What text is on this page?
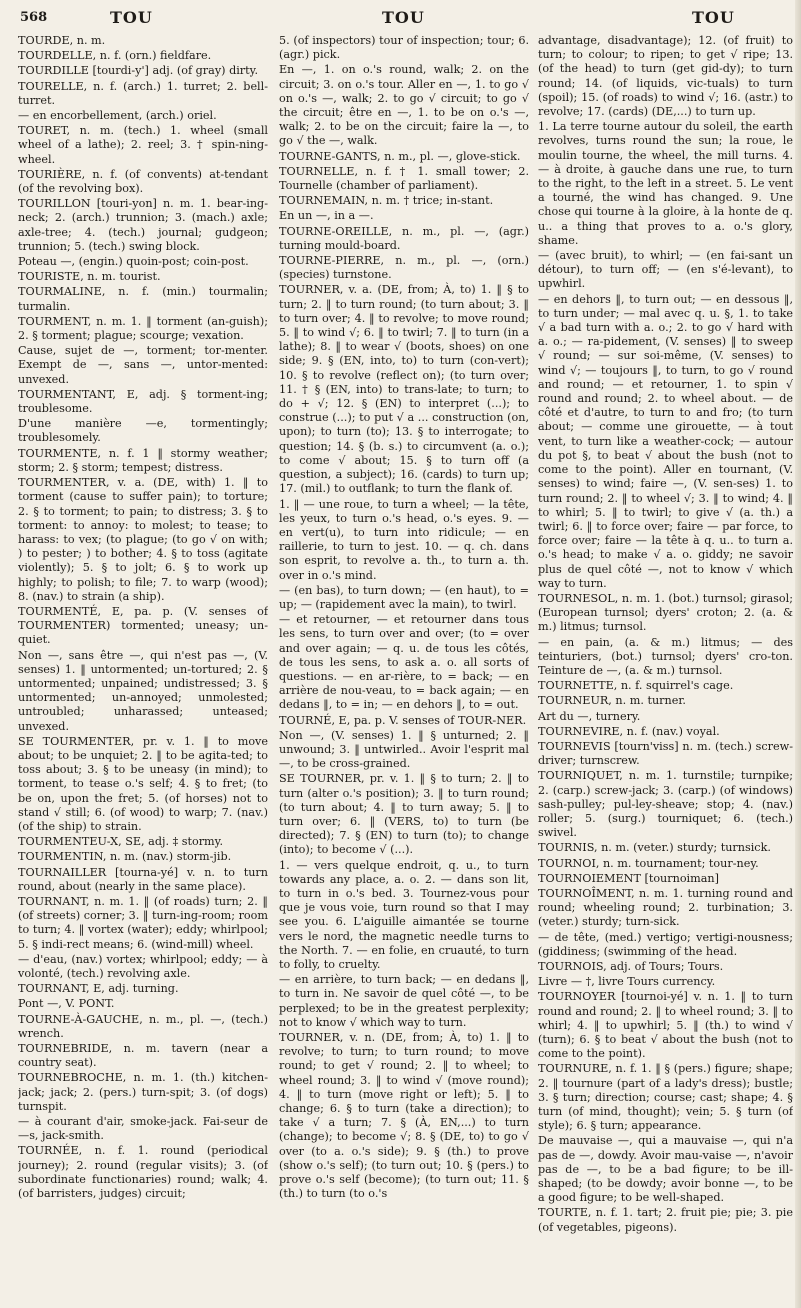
568	TOU	TOU	TOU

TOURDE, n. m.

TOURDELLE, n. f. (orn.) fieldfare.

TOURDILLE [tourdi-y'] adj. (of gray) dirty.

TOURELLE, n. f. (arch.) 1. turret; 2. bell-turret.

— en encorbellement, (arch.) oriel.

TOURET, n. m. (tech.) 1. wheel (small wheel of a lathe); 2. reel; 3. † spin-ning-wheel.

TOURIÈRE, n. f. (of convents) at-tendant (of the revolving box).

TOURILLON [touri-yon] n. m. 1. bear-ing-neck; 2. (arch.) trunnion; 3. (mach.) axle; axle-tree; 4. (tech.) journal; gudgeon; trunnion; 5. (tech.) swing block.

Poteau —, (engin.) quoin-post; coin-post.

TOURISTE, n. m. tourist.

TOURMALINE, n. f. (min.) tourmalin; turmalin.

TOURMENT, n. m. 1. ‖ torment (an-guish); 2. § torment; plague; scourge; vexation.

Cause, sujet de —, torment; tor-menter. Exempt de —, sans —, untor-mented: unvexed.

TOURMENTANT, E, adj. § torment-ing; troublesome.

D'une manière —e, tormentingly; troublesomely.

TOURMENTE, n. f. 1 ‖ stormy weather; storm; 2. § storm; tempest; distress.

TOURMENTER, v. a. (DE, with) 1. ‖ to torment (cause to suffer pain); to torture; 2. § to torment; to pain; to distress; 3. § to torment: to annoy: to molest; to tease; to harass: to vex; (to plague; (to go √ on with; ) to pester; ) to bother; 4. § to toss (agitate violently); 5. § to jolt; 6. § to work up highly; to polish; to file; 7. to warp (wood); 8. (nav.) to strain (a ship).

TOURMENTÉ, E, pa. p. (V. senses of TOURMENTER) tormented; uneasy; un-quiet.

Non —, sans être —, qui n'est pas —, (V. senses) 1. ‖ untormented; un-tortured; 2. § untormented; unpained; undistressed; 3. § untormented; un-annoyed; unmolested; untroubled; unharassed; unteased; unvexed.

SE TOURMENTER, pr. v. 1. ‖ to move about; to be unquiet; 2. ‖ to be agita-ted; to toss about; 3. § to be uneasy (in mind); to torment, to tease o.'s self; 4. § to fret; (to be on, upon the fret; 5. (of horses) not to stand √ still; 6. (of wood) to warp; 7. (nav.) (of the ship) to strain.

TOURMENTEU-X, SE, adj. ‡ stormy.

TOURMENTIN, n. m. (nav.) storm-jib.

TOURNAILLER [tourna-yé] v. n. to turn round, about (nearly in the same place).

TOURNANT, n. m. 1. ‖ (of roads) turn; 2. ‖ (of streets) corner; 3. ‖ turn-ing-room; room to turn; 4. ‖ vortex (water); eddy; whirlpool; 5. § indi-rect means; 6. (wind-mill) wheel.

— d'eau, (nav.) vortex; whirlpool; eddy; — à volonté, (tech.) revolving axle.

TOURNANT, E, adj. turning.

Pont —, V. PONT.

TOURNE-À-GAUCHE, n. m., pl. —, (tech.) wrench.

TOURNEBRIDE, n. m. tavern (near a country seat).

TOURNEBROCHE, n. m. 1. (th.) kitchen-jack; jack; 2. (pers.) turn-spit; 3. (of dogs) turnspit.

— à courant d'air, smoke-jack. Fai-seur de —s, jack-smith.

TOURNÉE, n. f. 1. round (periodical journey); 2. round (regular visits); 3. (of subordinate functionaries) round; walk; 4. (of barristers, judges) circuit;

5. (of inspectors) tour of inspection; tour; 6. (agr.) pick.

En —, 1. on o.'s round, walk; 2. on the circuit; 3. on o.'s tour. Aller en —, 1. to go √ on o.'s —, walk; 2. to go √ circuit; to go √ the circuit; être en —, 1. to be on o.'s —, walk; 2. to be on the circuit; faire la —, to go √ the —, walk.

TOURNE-GANTS, n. m., pl. —, glove-stick.

TOURNELLE, n. f. † 1. small tower; 2. Tournelle (chamber of parliament).

TOURNEMAIN, n. m. † trice; in-stant.

En un —, in a —.

TOURNE-OREILLE, n. m., pl. —, (agr.) turning mould-board.

TOURNE-PIERRE, n. m., pl. —, (orn.) (species) turnstone.

TOURNER, v. a. (DE, from; À, to) 1. ‖ § to turn; 2. ‖ to turn round; (to turn about; 3. ‖ to turn over; 4. ‖ to revolve; to move round; 5. ‖ to wind √; 6. ‖ to twirl; 7. ‖ to turn (in a lathe); 8. ‖ to wear √ (boots, shoes) on one side; 9. § (EN, into, to) to turn (con-vert); 10. § to revolve (reflect on); (to turn over; 11. † § (EN, into) to trans-late; to turn; to do + √; 12. § (EN) to interpret (...); to construe (...); to put √ a ... construction (on, upon); to turn (to); 13. § to interrogate; to question; 14. § (b. s.) to circumvent (a. o.); to come √ about; 15. § to turn off (a question, a subject); 16. (cards) to turn up; 17. (mil.) to outflank; to turn the flank of.

1. ‖ — une roue, to turn a wheel; — la tête, les yeux, to turn o.'s head, o.'s eyes. 9. — en vert(u), to turn into ridicule; — en raillerie, to turn to jest. 10. — q. ch. dans son esprit, to revolve a. th., to turn a. th. over in o.'s mind.

— (en bas), to turn down; — (en haut), to = up; — (rapidement avec la main), to twirl.

— et retourner, — et retourner dans tous les sens, to turn over and over; (to = over and over again; — q. u. de tous les côtés, de tous les sens, to ask a. o. all sorts of questions. — en ar-rière, to = back; — en arrière de nou-veau, to = back again; — en dedans ‖, to = in; — en dehors ‖, to = out.

TOURNÉ, E, pa. p. V. senses of TOUR-NER.

Non —, (V. senses) 1. ‖ § unturned; 2. ‖ unwound; 3. ‖ untwirled.. Avoir l'esprit mal —, to be cross-grained.

SE TOURNER, pr. v. 1. ‖ § to turn; 2. ‖ to turn (alter o.'s position); 3. ‖ to turn round; (to turn about; 4. ‖ to turn away; 5. ‖ to turn over; 6. ‖ (VERS, to) to turn (be directed); 7. § (EN) to turn (to); to change (into); to become √ (...).

1. — vers quelque endroit, q. u., to turn towards any place, a. o. 2. — dans son lit, to turn in o.'s bed. 3. Tournez-vous pour que je vous voie, turn round so that I may see you. 6. L'aiguille aimantée se tourne vers le nord, the magnetic needle turns to the North. 7. — en folie, en cruauté, to turn to folly, to cruelty.

— en arrière, to turn back; — en dedans ‖, to turn in. Ne savoir de quel côté —, to be perplexed; to be in the greatest perplexity; not to know √ which way to turn.

TOURNER, v. n. (DE, from; À, to) 1. ‖ to revolve; to turn; to turn round; to move round; to get √ round; 2. ‖ to wheel; to wheel round; 3. ‖ to wind √ (move round); 4. ‖ to turn (move right or left); 5. ‖ to change; 6. § to turn (take a direction); to take √ a turn; 7. § (À, EN,...) to turn (change); to become √; 8. § (DE, to) to go √ over (to a. o.'s side); 9. § (th.) to prove (show o.'s self); (to turn out; 10. § (pers.) to prove o.'s self (become); (to turn out; 11. § (th.) to turn (to o.'s

advantage, disadvantage); 12. (of fruit) to turn; to colour; to ripen; to get √ ripe; 13. (of the head) to turn (get gid-dy); to turn round; 14. (of liquids, vic-tuals) to turn (spoil); 15. (of roads) to wind √; 16. (astr.) to revolve; 17. (cards) (DE,...) to turn up.

1. La terre tourne autour du soleil, the earth revolves, turns round the sun; la roue, le moulin tourne, the wheel, the mill turns. 4. — à droite, à gauche dans une rue, to turn to the right, to the left in a street. 5. Le vent a tourné, the wind has changed. 9. Une chose qui tourne à la gloire, à la honte de q. u.. a thing that proves to a. o.'s glory, shame.

— (avec bruit), to whirl; — (en fai-sant un détour), to turn off; — (en s'é-levant), to upwhirl.

— en dehors ‖, to turn out; — en dessous ‖, to turn under; — mal avec q. u. §, 1. to take √ a bad turn with a. o.; 2. to go √ hard with a. o.; — ra-pidement, (V. senses) ‖ to sweep √ round; — sur soi-même, (V. senses) to wind √; — toujours ‖, to turn, to go √ round and round; — et retourner, 1. to spin √ round and round; 2. to wheel about. — de côté et d'autre, to turn to and fro; (to turn about; — comme une girouette, — à tout vent, to turn like a weather-cock; — autour du pot §, to beat √ about the bush (not to come to the point). Aller en tournant, (V. senses) to wind; faire —, (V. sen-ses) 1. to turn round; 2. ‖ to wheel √; 3. ‖ to wind; 4. ‖ to whirl; 5. ‖ to twirl; to give √ (a. th.) a twirl; 6. ‖ to force over; faire — par force, to force over; faire — la tête à q. u.. to turn a. o.'s head; to make √ a. o. giddy; ne savoir plus de quel côté —, not to know √ which way to turn.

TOURNESOL, n. m. 1. (bot.) turnsol; girasol; (European turnsol; dyers' croton; 2. (a. & m.) litmus; turnsol.

— en pain, (a. & m.) litmus; — des teinturiers, (bot.) turnsol; dyers' cro-ton. Teinture de —, (a. & m.) turnsol.

TOURNETTE, n. f. squirrel's cage.

TOURNEUR, n. m. turner.

Art du —, turnery.

TOURNEVIRE, n. f. (nav.) voyal.

TOURNEVIS [tourn'viss] n. m. (tech.) screw-driver; turnscrew.

TOURNIQUET, n. m. 1. turnstile; turnpike; 2. (carp.) screw-jack; 3. (carp.) (of windows) sash-pulley; pul-ley-sheave; stop; 4. (nav.) roller; 5. (surg.) tourniquet; 6. (tech.) swivel.

TOURNIS, n. m. (veter.) sturdy; turnsick.

TOURNOI, n. m. tournament; tour-ney.

TOURNOIEMENT [tournoiman]

TOURNOÎMENT, n. m. 1. turning round and round; wheeling round; 2. turbination; 3. (veter.) sturdy; turn-sick.

— de tête, (med.) vertigo; vertigi-nousness; (giddiness; (swimming of the head.

TOURNOIS, adj. of Tours; Tours.

Livre — †, livre Tours currency.

TOURNOYER [tournoi-yé] v. n. 1. ‖ to turn round and round; 2. ‖ to wheel round; 3. ‖ to whirl; 4. ‖ to upwhirl; 5. ‖ (th.) to wind √ (turn); 6. § to beat √ about the bush (not to come to the point).

TOURNURE, n. f. 1. ‖ § (pers.) figure; shape; 2. ‖ tournure (part of a lady's dress); bustle; 3. § turn; direction; course; cast; shape; 4. § turn (of mind, thought); vein; 5. § turn (of style); 6. § turn; appearance.

De mauvaise —, qui a mauvaise —, qui n'a pas de —, dowdy. Avoir mau-vaise —, n'avoir pas de —, to be a bad figure; to be ill-shaped; (to be dowdy; avoir bonne —, to be a good figure; to be well-shaped.

TOURTE, n. f. 1. tart; 2. fruit pie; pie; 3. pie (of vegetables, pigeons).
